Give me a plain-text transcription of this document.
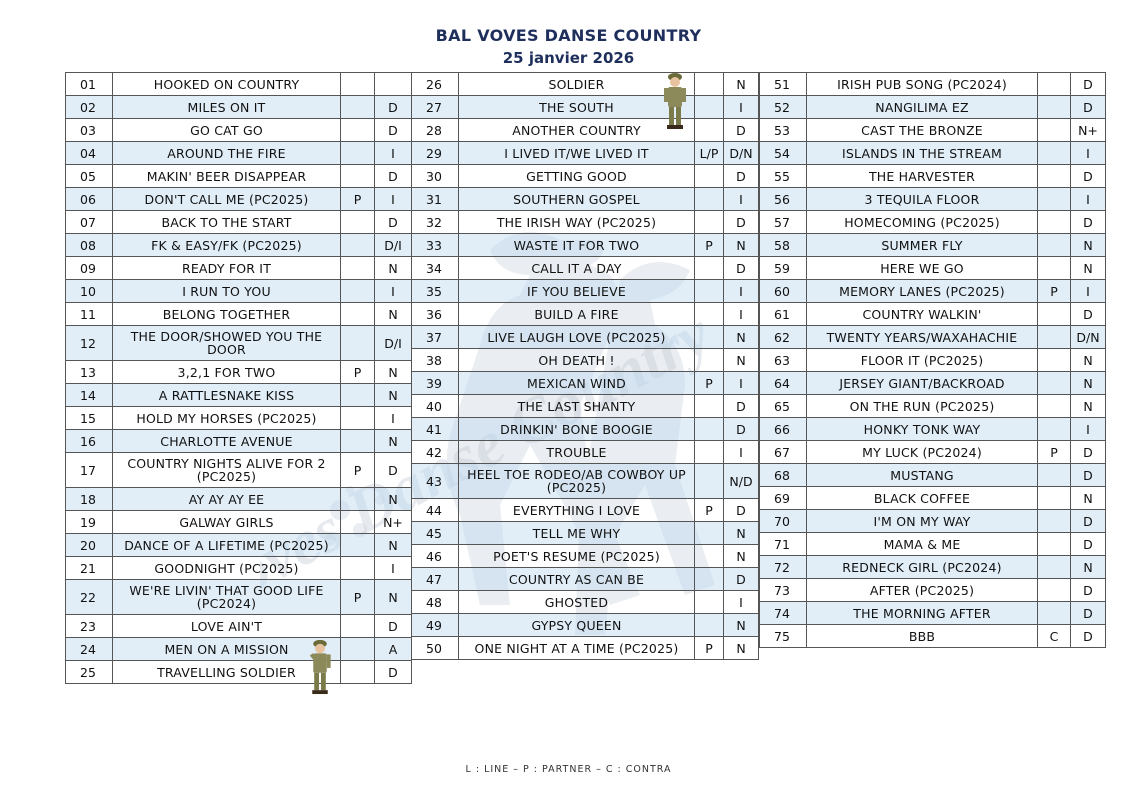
BAL VOVES DANSE COUNTRY
25 janvier 2026
01	HOOKED ON COUNTRY		
02	MILES ON IT		D
03	GO CAT GO		D
04	AROUND THE FIRE		I
05	MAKIN' BEER DISAPPEAR		D
06	DON'T CALL ME (PC2025)	P	I
07	BACK TO THE START		D
08	FK & EASY/FK (PC2025)		D/I
09	READY FOR IT		N
10	I RUN TO YOU		I
11	BELONG TOGETHER		N
12	THE DOOR/SHOWED YOU THE DOOR		D/I
13	3,2,1 FOR TWO	P	N
14	A RATTLESNAKE KISS		N
15	HOLD MY HORSES (PC2025)		I
16	CHARLOTTE AVENUE		N
17	COUNTRY NIGHTS ALIVE FOR 2 (PC2025)	P	D
18	AY AY AY EE		N
19	GALWAY GIRLS		N+
20	DANCE OF A LIFETIME (PC2025)		N
21	GOODNIGHT (PC2025)		I
22	WE'RE LIVIN' THAT GOOD LIFE (PC2024)	P	N
23	LOVE AIN'T		D
24	MEN ON A MISSION		A
25	TRAVELLING SOLDIER		D
26	SOLDIER		N
27	THE SOUTH		I
28	ANOTHER COUNTRY		D
29	I LIVED IT/WE LIVED IT	L/P	D/N
30	GETTING GOOD		D
31	SOUTHERN GOSPEL		I
32	THE IRISH WAY (PC2025)		D
33	WASTE IT FOR TWO	P	N
34	CALL IT A DAY		D
35	IF YOU BELIEVE		I
36	BUILD A FIRE		I
37	LIVE LAUGH LOVE (PC2025)		N
38	OH DEATH !		N
39	MEXICAN WIND	P	I
40	THE LAST SHANTY		D
41	DRINKIN' BONE BOOGIE		D
42	TROUBLE		I
43	HEEL TOE RODEO/AB COWBOY UP (PC2025)		N/D
44	EVERYTHING I LOVE	P	D
45	TELL ME WHY		N
46	POET'S RESUME (PC2025)		N
47	COUNTRY AS CAN BE		D
48	GHOSTED		I
49	GYPSY QUEEN		N
50	ONE NIGHT AT A TIME (PC2025)	P	N
51	IRISH PUB SONG (PC2024)		D
52	NANGILIMA EZ		D
53	CAST THE BRONZE		N+
54	ISLANDS IN THE STREAM		I
55	THE HARVESTER		D
56	3 TEQUILA FLOOR		I
57	HOMECOMING (PC2025)		D
58	SUMMER FLY		N
59	HERE WE GO		N
60	MEMORY LANES (PC2025)	P	I
61	COUNTRY WALKIN'		D
62	TWENTY YEARS/WAXAHACHIE		D/N
63	FLOOR IT (PC2025)		N
64	JERSEY GIANT/BACKROAD		N
65	ON THE RUN (PC2025)		N
66	HONKY TONK WAY		I
67	MY LUCK (PC2024)	P	D
68	MUSTANG		D
69	BLACK COFFEE		N
70	I'M ON MY WAY		D
71	MAMA & ME		D
72	REDNECK GIRL (PC2024)		N
73	AFTER (PC2025)		D
74	THE MORNING AFTER		D
75	BBB	C	D
L : LINE – P : PARTNER – C : CONTRA
